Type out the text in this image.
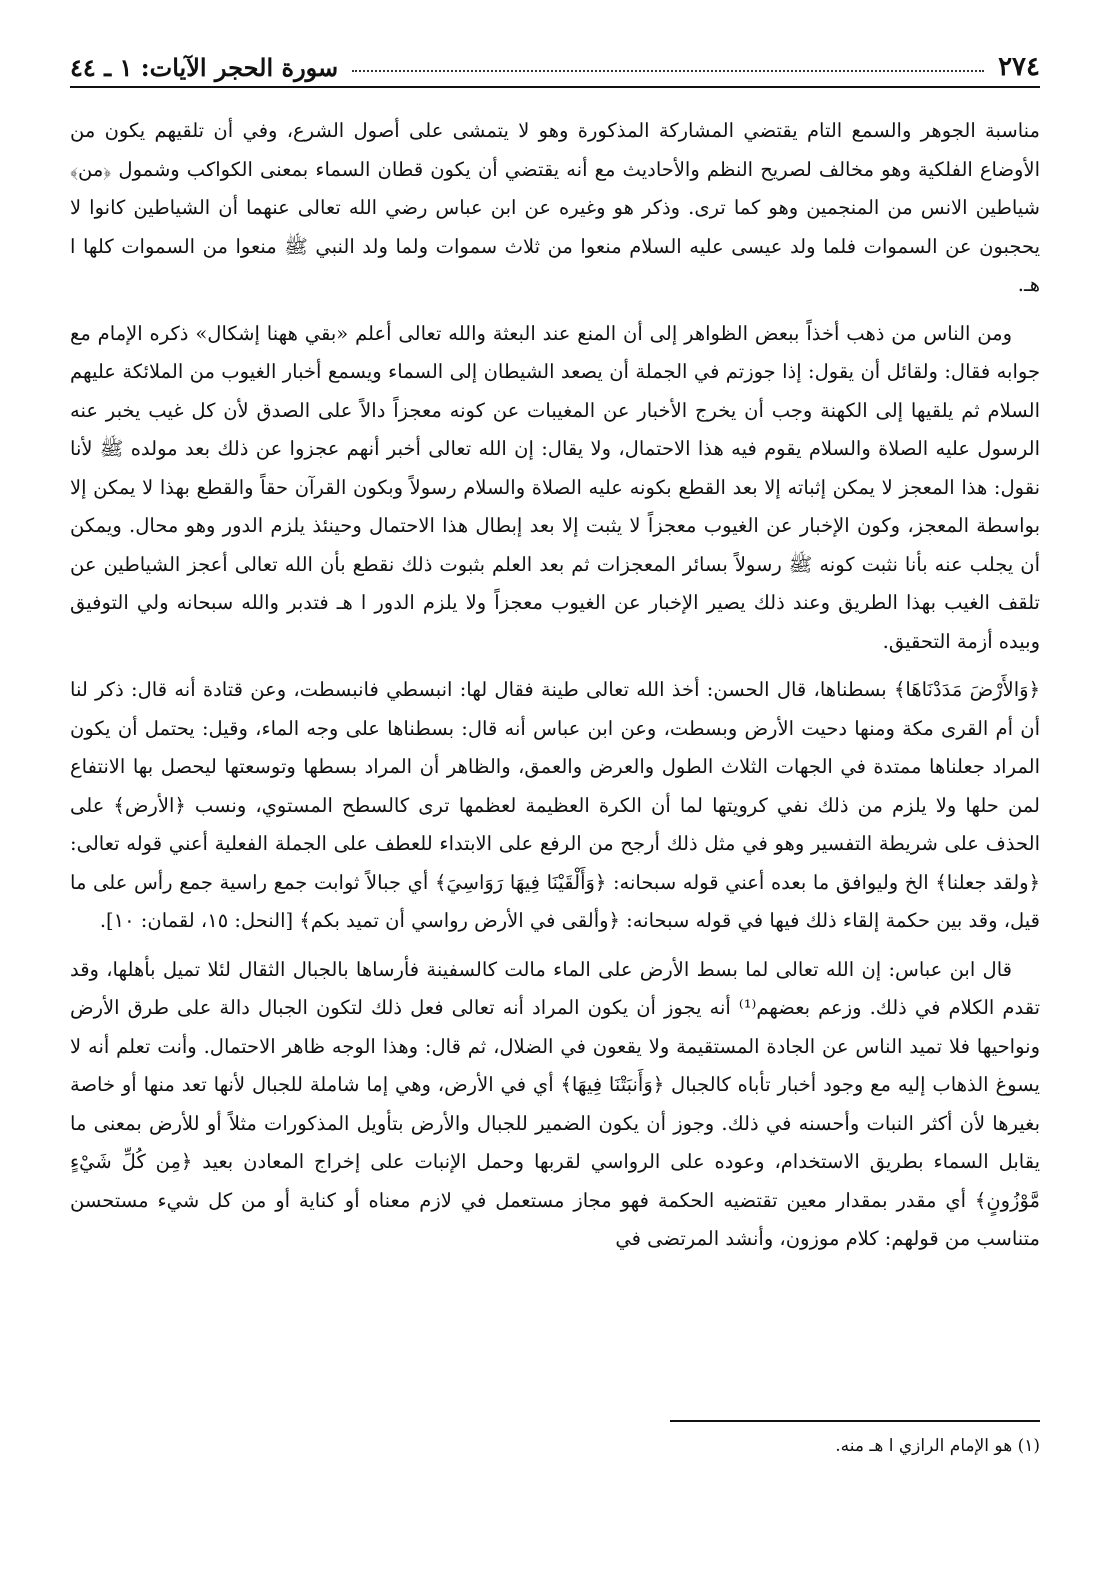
٢٧٤
سورة الحجر الآيات: ١ ـ ٤٤

مناسبة الجوهر والسمع التام يقتضي المشاركة المذكورة وهو لا يتمشى على أصول الشرع، وفي أن تلقيهم يكون من الأوضاع الفلكية وهو مخالف لصريح النظم والأحاديث مع أنه يقتضي أن يكون قطان السماء بمعنى الكواكب وشمول ﴿من﴾ شياطين الانس من المنجمين وهو كما ترى. وذكر هو وغيره عن ابن عباس رضي الله تعالى عنهما أن الشياطين كانوا لا يحجبون عن السموات فلما ولد عيسى عليه السلام منعوا من ثلاث سموات ولما ولد النبي ﷺ منعوا من السموات كلها ا هـ.

ومن الناس من ذهب أخذاً ببعض الظواهر إلى أن المنع عند البعثة والله تعالى أعلم «بقي ههنا إشكال» ذكره الإمام مع جوابه فقال: ولقائل أن يقول: إذا جوزتم في الجملة أن يصعد الشيطان إلى السماء ويسمع أخبار الغيوب من الملائكة عليهم السلام ثم يلقيها إلى الكهنة وجب أن يخرج الأخبار عن المغيبات عن كونه معجزاً دالاً على الصدق لأن كل غيب يخبر عنه الرسول عليه الصلاة والسلام يقوم فيه هذا الاحتمال، ولا يقال: إن الله تعالى أخبر أنهم عجزوا عن ذلك بعد مولده ﷺ لأنا نقول: هذا المعجز لا يمكن إثباته إلا بعد القطع بكونه عليه الصلاة والسلام رسولاً وبكون القرآن حقاً والقطع بهذا لا يمكن إلا بواسطة المعجز، وكون الإخبار عن الغيوب معجزاً لا يثبت إلا بعد إبطال هذا الاحتمال وحينئذ يلزم الدور وهو محال. ويمكن أن يجلب عنه بأنا نثبت كونه ﷺ رسولاً بسائر المعجزات ثم بعد العلم بثبوت ذلك نقطع بأن الله تعالى أعجز الشياطين عن تلقف الغيب بهذا الطريق وعند ذلك يصير الإخبار عن الغيوب معجزاً ولا يلزم الدور ا هـ فتدبر والله سبحانه ولي التوفيق وبيده أزمة التحقيق.

﴿وَالأَرْضَ مَدَدْنَاهَا﴾ بسطناها، قال الحسن: أخذ الله تعالى طينة فقال لها: انبسطي فانبسطت، وعن قتادة أنه قال: ذكر لنا أن أم القرى مكة ومنها دحيت الأرض وبسطت، وعن ابن عباس أنه قال: بسطناها على وجه الماء، وقيل: يحتمل أن يكون المراد جعلناها ممتدة في الجهات الثلاث الطول والعرض والعمق، والظاهر أن المراد بسطها وتوسعتها ليحصل بها الانتفاع لمن حلها ولا يلزم من ذلك نفي كرويتها لما أن الكرة العظيمة لعظمها ترى كالسطح المستوي، ونسب ﴿الأرض﴾ على الحذف على شريطة التفسير وهو في مثل ذلك أرجح من الرفع على الابتداء للعطف على الجملة الفعلية أعني قوله تعالى: ﴿ولقد جعلنا﴾ الخ وليوافق ما بعده أعني قوله سبحانه: ﴿وَأَلْقَيْنَا فِيهَا رَوَاسِيَ﴾ أي جبالاً ثوابت جمع راسية جمع رأس على ما قيل، وقد بين حكمة إلقاء ذلك فيها في قوله سبحانه: ﴿وألقى في الأرض رواسي أن تميد بكم﴾ [النحل: ١٥، لقمان: ١٠].

قال ابن عباس: إن الله تعالى لما بسط الأرض على الماء مالت كالسفينة فأرساها بالجبال الثقال لئلا تميل بأهلها، وقد تقدم الكلام في ذلك. وزعم بعضهم⁽¹⁾ أنه يجوز أن يكون المراد أنه تعالى فعل ذلك لتكون الجبال دالة على طرق الأرض ونواحيها فلا تميد الناس عن الجادة المستقيمة ولا يقعون في الضلال، ثم قال: وهذا الوجه ظاهر الاحتمال. وأنت تعلم أنه لا يسوغ الذهاب إليه مع وجود أخبار تأباه كالجبال ﴿وَأَنبَتْنَا فِيهَا﴾ أي في الأرض، وهي إما شاملة للجبال لأنها تعد منها أو خاصة بغيرها لأن أكثر النبات وأحسنه في ذلك. وجوز أن يكون الضمير للجبال والأرض بتأويل المذكورات مثلاً أو للأرض بمعنى ما يقابل السماء بطريق الاستخدام، وعوده على الرواسي لقربها وحمل الإنبات على إخراج المعادن بعيد ﴿مِن كُلِّ شَيْءٍ مَّوْزُونٍ﴾ أي مقدر بمقدار معين تقتضيه الحكمة فهو مجاز مستعمل في لازم معناه أو كناية أو من كل شيء مستحسن متناسب من قولهم: كلام موزون، وأنشد المرتضى في

(١) هو الإمام الرازي ا هـ منه.
